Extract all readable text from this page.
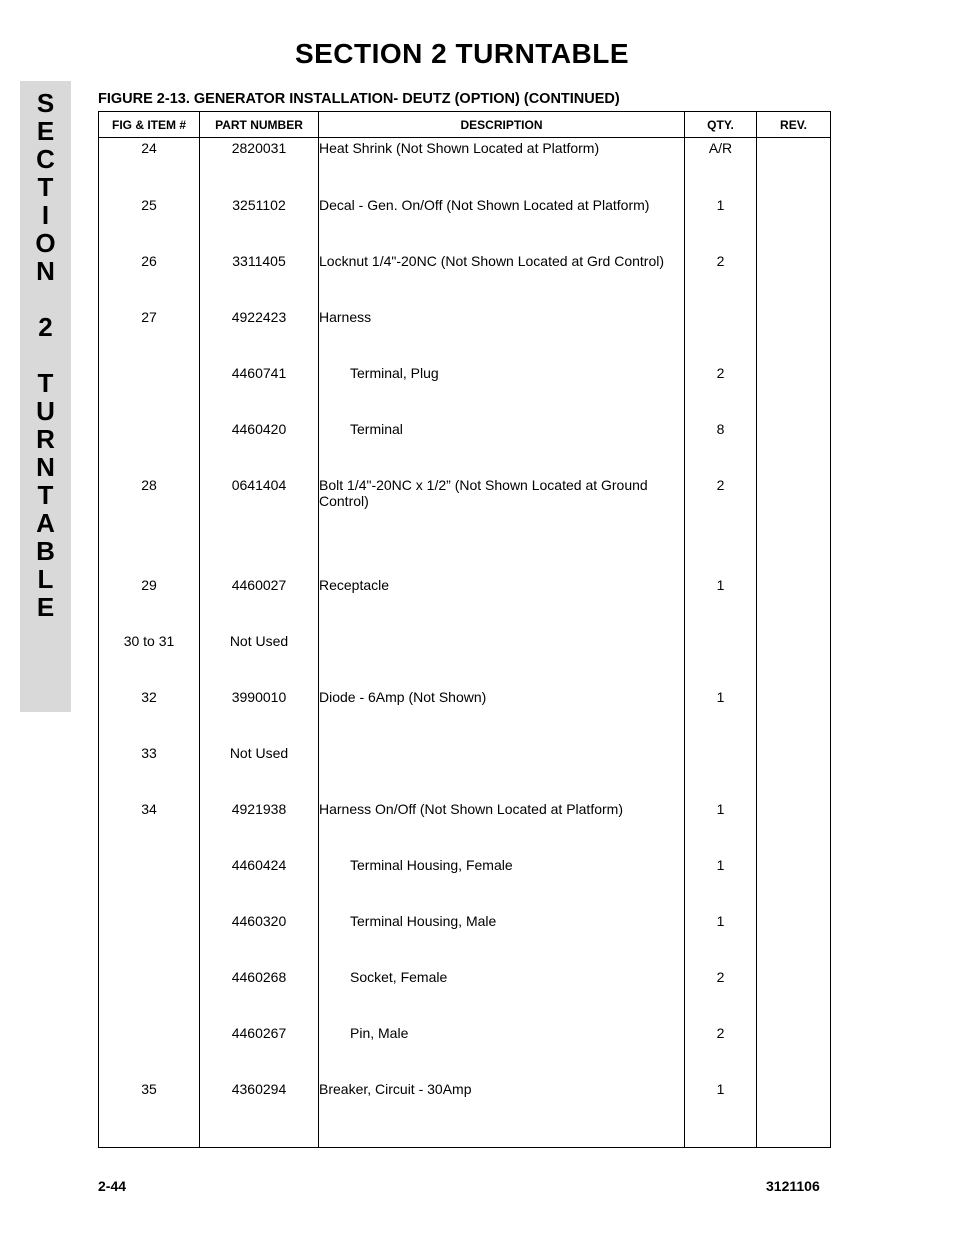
SECTION 2 TURNTABLE
S
E
C
T
I
O
N
2
T
U
R
N
T
A
B
L
E
FIGURE 2-13. GENERATOR INSTALLATION- DEUTZ (OPTION) (CONTINUED)
FIG & ITEM #	PART NUMBER	DESCRIPTION	QTY.	REV.
24	2820031	Heat Shrink (Not Shown Located at Platform)	A/R	
25	3251102	Decal - Gen. On/Off (Not Shown Located at Platform)	1	
26	3311405	Locknut 1/4"-20NC (Not Shown Located at Grd Control)	2	
27	4922423	Harness		
	4460741	Terminal, Plug	2	
	4460420	Terminal	8	
28	0641404	Bolt 1/4"-20NC x 1/2” (Not Shown Located at Ground Control)	2	
29	4460027	Receptacle	1	
30 to 31	Not Used			
32	3990010	Diode - 6Amp (Not Shown)	1	
33	Not Used			
34	4921938	Harness On/Off (Not Shown Located at Platform)	1	
	4460424	Terminal Housing, Female	1	
	4460320	Terminal Housing, Male	1	
	4460268	Socket, Female	2	
	4460267	Pin, Male	2	
35	4360294	Breaker, Circuit - 30Amp	1	

2-44	3121106
